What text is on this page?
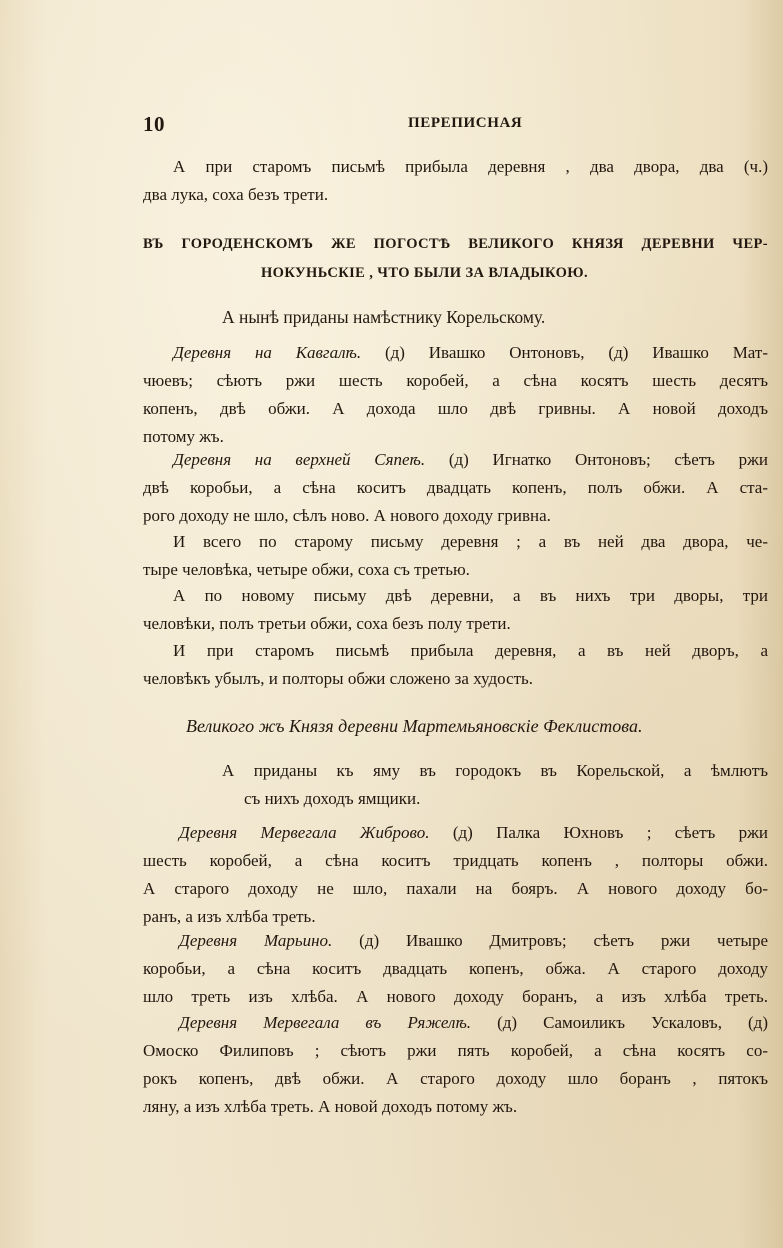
10	ПЕРЕПИСНАЯ
А при старомъ письмѣ прибыла деревня , два двора, два (ч.)
два лука, соха безъ трети.
ВЪ ГОРОДЕНСКОМЪ ЖЕ ПОГОСТѢ ВЕЛИКОГО КНЯЗЯ ДЕРЕВНИ ЧЕР-
НОКУНЬСКІЕ , ЧТО БЫЛИ ЗА ВЛАДЫКОЮ.
А нынѣ приданы намѣстнику Корельскому.
Деревня на Кавгалѣ. (д) Ивашко Онтоновъ, (д) Ивашко Мат-
чюевъ; сѣютъ ржи шесть коробей, а сѣна косятъ шесть десятъ
копенъ, двѣ обжи. А дохода шло двѣ гривны. А новой доходъ
потому жъ.
Деревня на верхней Сяпеѣ. (д) Игнатко Онтоновъ; сѣетъ ржи
двѣ коробьи, а сѣна коситъ двадцать копенъ, полъ обжи. А ста-
рого доходу не шло, сѣлъ ново. А нового доходу гривна.
И всего по старому письму деревня ; а въ ней два двора, че-
тыре человѣка, четыре обжи, соха съ третью.
А по новому письму двѣ деревни, а въ нихъ три дворы, три
человѣки, полъ третьи обжи, соха безъ полу трети.
И при старомъ письмѣ прибыла деревня, а въ ней дворъ, а
человѣкъ убылъ, и полторы обжи сложено за худость.
Великого жъ Князя деревни Мартемьяновскіе Феклистова.
А приданы къ яму въ городокъ въ Корельской, а ѣмлютъ
съ нихъ доходъ ямщики.
Деревня Мервегала Жиброво. (д) Палка Юхновъ ; сѣетъ ржи
шесть коробей, а сѣна коситъ тридцать копенъ , полторы обжи.
А старого доходу не шло, пахали на бояръ. А нового доходу бо-
ранъ, а изъ хлѣба треть.
Деревня Марьино. (д) Ивашко Дмитровъ; сѣетъ ржи четыре
коробьи, а сѣна коситъ двадцать копенъ, обжа. А старого доходу
шло треть изъ хлѣба. А нового доходу боранъ, а изъ хлѣба треть.
Деревня Мервегала въ Ряжелѣ. (д) Самоиликъ Ускаловъ, (д)
Омоско Филиповъ ; сѣютъ ржи пять коробей, а сѣна косятъ со-
рокъ копенъ, двѣ обжи. А старого доходу шло боранъ , пятокъ
ляну, а изъ хлѣба треть. А новой доходъ потому жъ.
